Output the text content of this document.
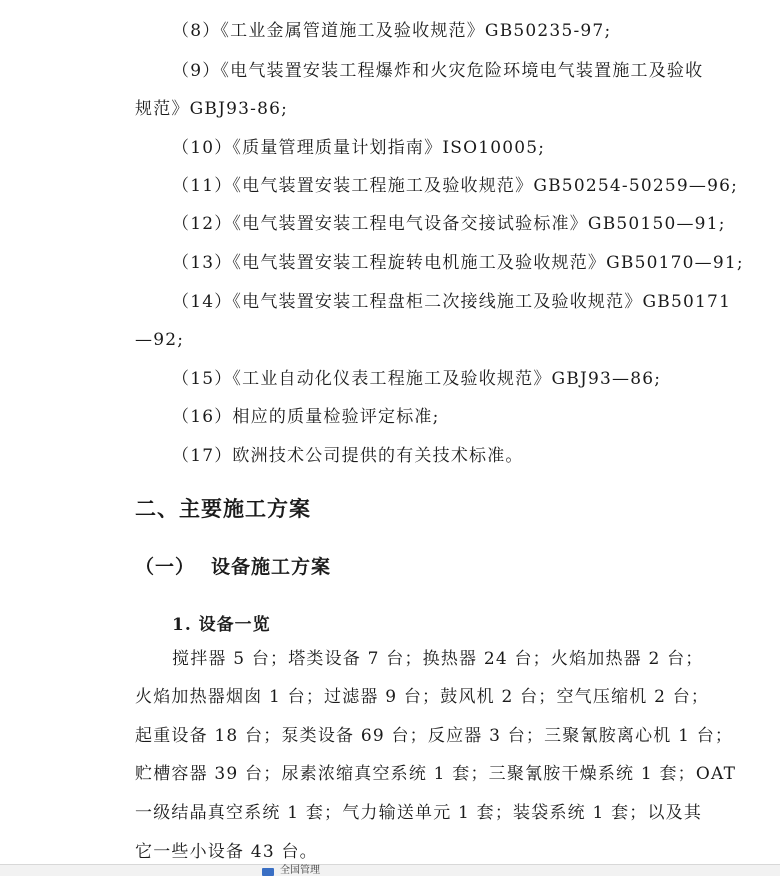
（8）《工业金属管道施工及验收规范》GB50235-97;
（9）《电气装置安装工程爆炸和火灾危险环境电气装置施工及验收
规范》GBJ93-86;
（10）《质量管理质量计划指南》ISO10005;
（11）《电气装置安装工程施工及验收规范》GB50254-50259—96;
（12）《电气装置安装工程电气设备交接试验标准》GB50150—91;
（13）《电气装置安装工程旋转电机施工及验收规范》GB50170—91;
（14）《电气装置安装工程盘柜二次接线施工及验收规范》GB50171
—92;
（15）《工业自动化仪表工程施工及验收规范》GBJ93—86;
（16）相应的质量检验评定标准;
（17）欧洲技术公司提供的有关技术标准。
二、主要施工方案
（一） 设备施工方案
1. 设备一览
搅拌器 5 台；塔类设备 7 台；换热器 24 台；火焰加热器 2 台；
火焰加热器烟囱 1 台；过滤器 9 台；鼓风机 2 台；空气压缩机 2 台；
起重设备 18 台；泵类设备 69 台；反应器 3 台；三聚氰胺离心机 1 台；
贮槽容器 39 台；尿素浓缩真空系统 1 套；三聚氰胺干燥系统 1 套；OAT
一级结晶真空系统 1 套；气力输送单元 1 套；装袋系统 1 套；以及其
它一些小设备 43 台。
全国管理
